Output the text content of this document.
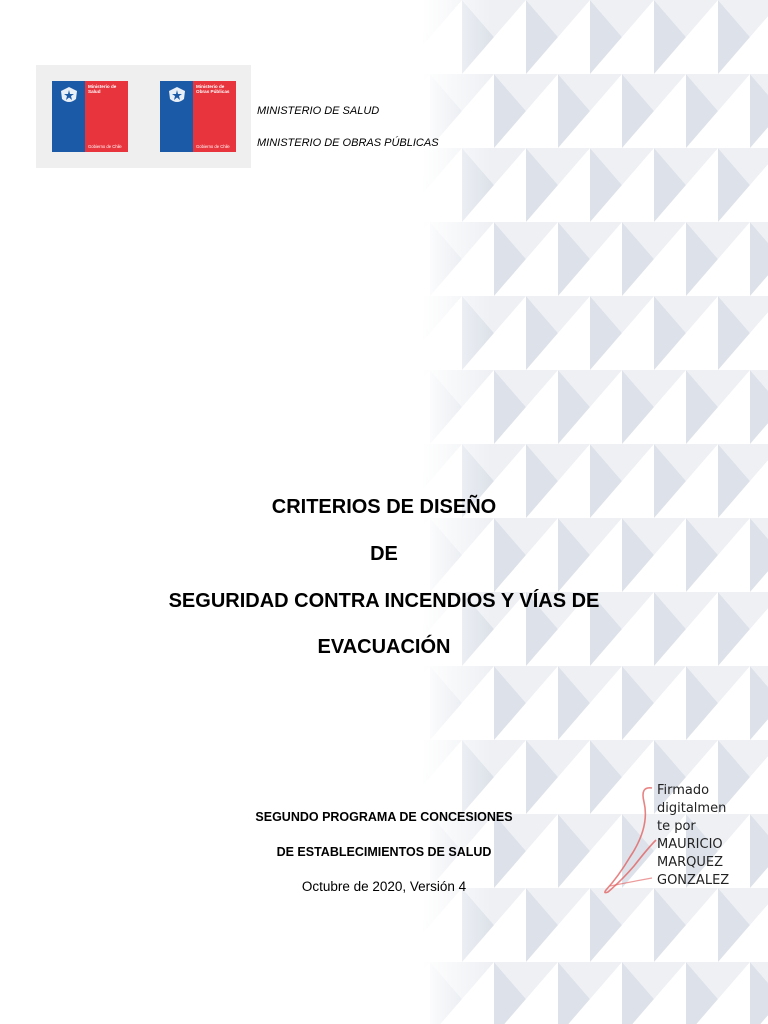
Ministerio de Salud
Gobierno de Chile
Ministerio de Obras Públicas
Gobierno de Chile
MINISTERIO DE SALUD
MINISTERIO DE OBRAS PÚBLICAS
CRITERIOS DE DISEÑO
DE
SEGURIDAD CONTRA INCENDIOS Y VÍAS DE
EVACUACIÓN
SEGUNDO PROGRAMA DE CONCESIONES
DE ESTABLECIMIENTOS DE SALUD
Octubre de 2020, Versión 4
Firmado
digitalmen
te por
MAURICIO
MARQUEZ
GONZALEZ
